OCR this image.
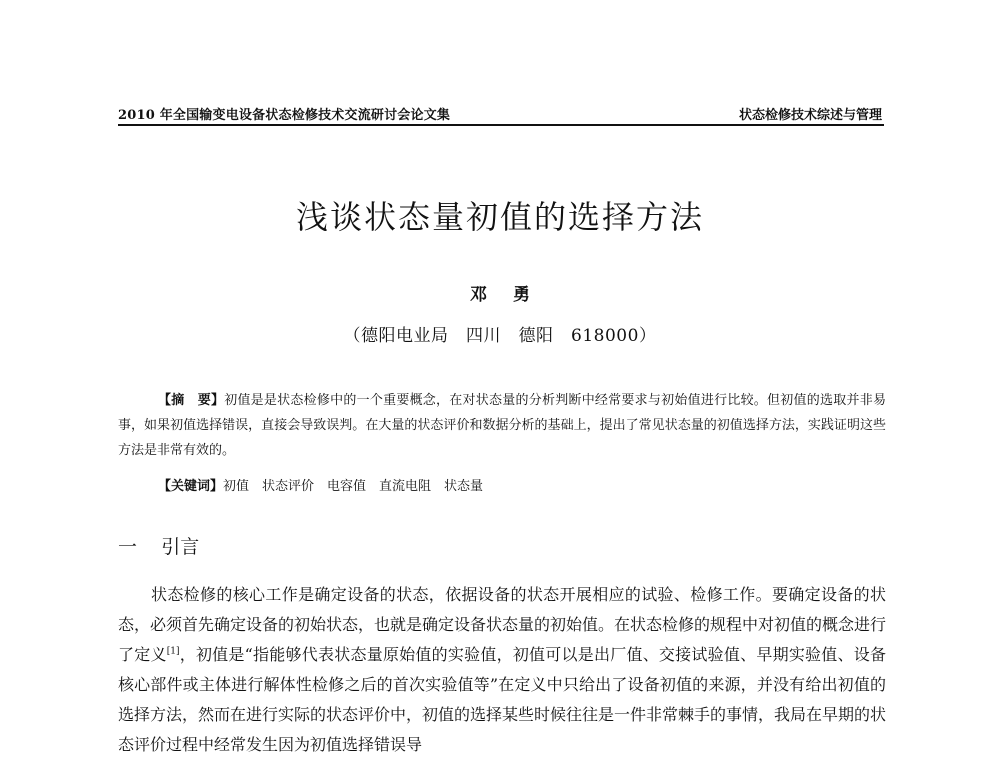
2010 年全国输变电设备状态检修技术交流研讨会论文集	状态检修技术综述与管理
浅谈状态量初值的选择方法
邓 勇
（德阳电业局　四川　德阳　618000）
【摘　要】初值是是状态检修中的一个重要概念，在对状态量的分析判断中经常要求与初始值进行比较。但初值的选取并非易事，如果初值选择错误，直接会导致误判。在大量的状态评价和数据分析的基础上，提出了常见状态量的初值选择方法，实践证明这些方法是非常有效的。
【关键词】初值　状态评价　电容值　直流电阻　状态量
一 引言
状态检修的核心工作是确定设备的状态，依据设备的状态开展相应的试验、检修工作。要确定设备的状态，必须首先确定设备的初始状态，也就是确定设备状态量的初始值。在状态检修的规程中对初值的概念进行了定义[1]，初值是“指能够代表状态量原始值的实验值，初值可以是出厂值、交接试验值、早期实验值、设备核心部件或主体进行解体性检修之后的首次实验值等”在定义中只给出了设备初值的来源，并没有给出初值的选择方法，然而在进行实际的状态评价中，初值的选择某些时候往往是一件非常棘手的事情，我局在早期的状态评价过程中经常发生因为初值选择错误导
